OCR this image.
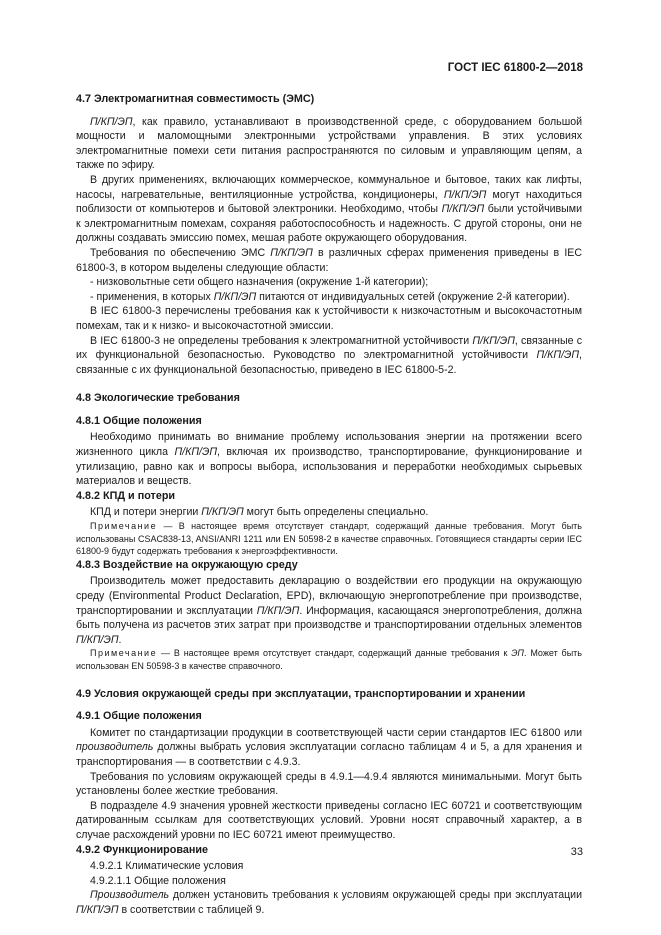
ГОСТ IEC 61800-2—2018
4.7 Электромагнитная совместимость (ЭМС)

П/КП/ЭП, как правило, устанавливают в производственной среде, с оборудованием большой мощности и маломощными электронными устройствами управления. В этих условиях электромагнитные помехи сети питания распространяются по силовым и управляющим цепям, а также по эфиру.

В других применениях, включающих коммерческое, коммунальное и бытовое, таких как лифты, насосы, нагревательные, вентиляционные устройства, кондиционеры, П/КП/ЭП могут находиться поблизости от компьютеров и бытовой электроники. Необходимо, чтобы П/КП/ЭП были устойчивыми к электромагнитным помехам, сохраняя работоспособность и надежность. С другой стороны, они не должны создавать эмиссию помех, мешая работе окружающего оборудования.

Требования по обеспечению ЭМС П/КП/ЭП в различных сферах применения приведены в IEC 61800-3, в котором выделены следующие области:

- низковольтные сети общего назначения (окружение 1-й категории);

- применения, в которых П/КП/ЭП питаются от индивидуальных сетей (окружение 2-й категории).

В IEC 61800-3 перечислены требования как к устойчивости к низкочастотным и высокочастотным помехам, так и к низко- и высокочастотной эмиссии.

В IEC 61800-3 не определены требования к электромагнитной устойчивости П/КП/ЭП, связанные с их функциональной безопасностью. Руководство по электромагнитной устойчивости П/КП/ЭП, связанные с их функциональной безопасностью, приведено в IEC 61800-5-2.

4.8 Экологические требования
4.8.1 Общие положения

Необходимо принимать во внимание проблему использования энергии на протяжении всего жизненного цикла П/КП/ЭП, включая их производство, транспортирование, функционирование и утилизацию, равно как и вопросы выбора, использования и переработки необходимых сырьевых материалов и веществ.

4.8.2 КПД и потери

КПД и потери энергии П/КП/ЭП могут быть определены специально.

Примечание — В настоящее время отсутствует стандарт, содержащий данные требования. Могут быть использованы CSAC838-13, ANSI/ANRI 1211 или EN 50598-2 в качестве справочных. Готовящиеся стандарты серии IEC 61800-9 будут содержать требования к энергоэффективности.

4.8.3 Воздействие на окружающую среду

Производитель может предоставить декларацию о воздействии его продукции на окружающую среду (Environmental Product Declaration, EPD), включающую энергопотребление при производстве, транспортировании и эксплуатации П/КП/ЭП. Информация, касающаяся энергопотребления, должна быть получена из расчетов этих затрат при производстве и транспортировании отдельных элементов П/КП/ЭП.

Примечание — В настоящее время отсутствует стандарт, содержащий данные требования к ЭП. Может быть использован EN 50598-3 в качестве справочного.

4.9 Условия окружающей среды при эксплуатации, транспортировании и хранении
4.9.1 Общие положения

Комитет по стандартизации продукции в соответствующей части серии стандартов IEC 61800 или производитель должны выбрать условия эксплуатации согласно таблицам 4 и 5, а для хранения и транспортирования — в соответствии с 4.9.3.

Требования по условиям окружающей среды в 4.9.1—4.9.4 являются минимальными. Могут быть установлены более жесткие требования.

В подразделе 4.9 значения уровней жесткости приведены согласно IEC 60721 и соответствующим датированным ссылкам для соответствующих условий. Уровни носят справочный характер, а в случае расхождений уровни по IEC 60721 имеют преимущество.

4.9.2 Функционирование

4.9.2.1 Климатические условия

4.9.2.1.1 Общие положения

Производитель должен установить требования к условиям окружающей среды при эксплуатации П/КП/ЭП в соответствии с таблицей 9.

33
